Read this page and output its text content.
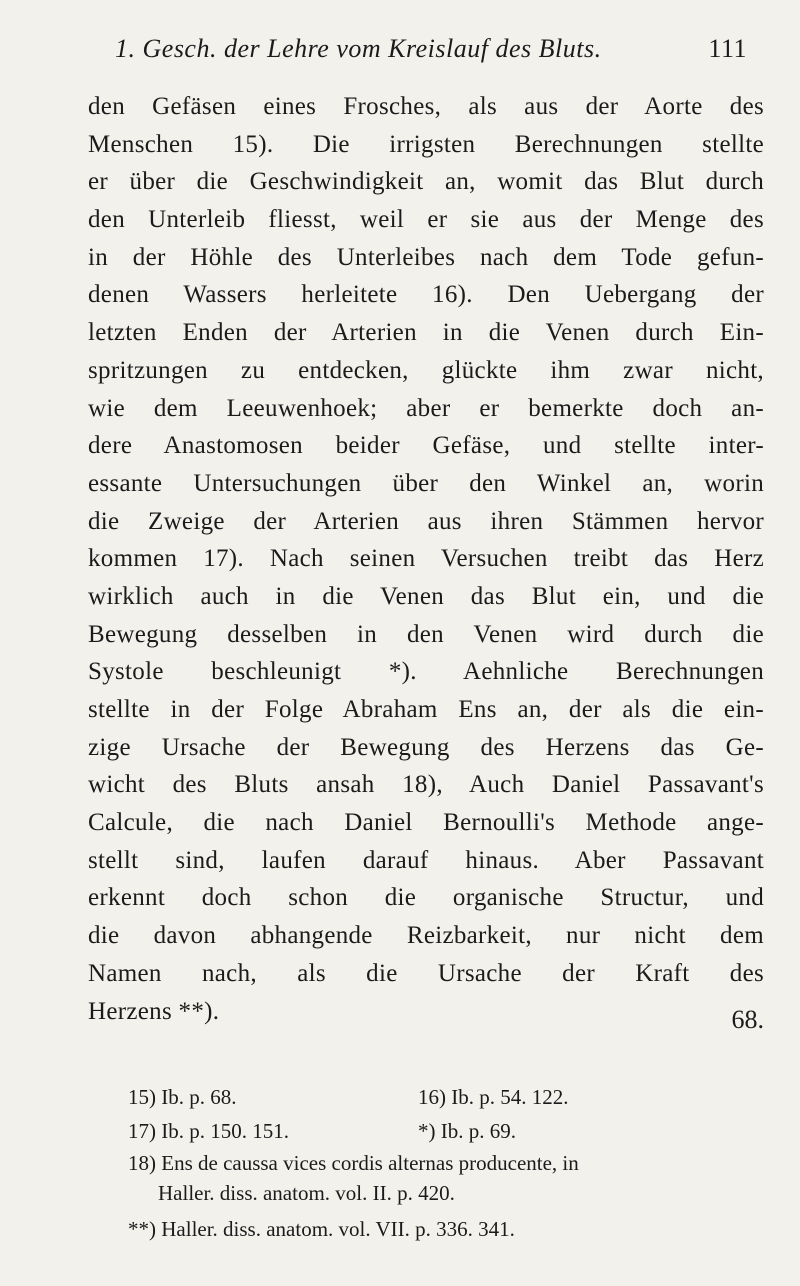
1. Gesch. der Lehre vom Kreislauf des Bluts.	111
den Gefäsen eines Frosches, als aus der Aorte des
Menschen 15). Die irrigsten Berechnungen stellte
er über die Geschwindigkeit an, womit das Blut durch
den Unterleib fliesst, weil er sie aus der Menge des
in der Höhle des Unterleibes nach dem Tode gefun-
denen Wassers herleitete 16). Den Uebergang der
letzten Enden der Arterien in die Venen durch Ein-
spritzungen zu entdecken, glückte ihm zwar nicht,
wie dem Leeuwenhoek; aber er bemerkte doch an-
dere Anastomosen beider Gefäse, und stellte inter-
essante Untersuchungen über den Winkel an, worin
die Zweige der Arterien aus ihren Stämmen hervor
kommen 17). Nach seinen Versuchen treibt das Herz
wirklich auch in die Venen das Blut ein, und die
Bewegung desselben in den Venen wird durch die
Systole beschleunigt *). Aehnliche Berechnungen
stellte in der Folge Abraham Ens an, der als die ein-
zige Ursache der Bewegung des Herzens das Ge-
wicht des Bluts ansah 18), Auch Daniel Passavant's
Calcule, die nach Daniel Bernoulli's Methode ange-
stellt sind, laufen darauf hinaus. Aber Passavant
erkennt doch schon die organische Structur, und
die davon abhangende Reizbarkeit, nur nicht dem
Namen nach, als die Ursache der Kraft des
Herzens **).	68.
15) Ib. p. 68.	16) Ib. p. 54. 122.
17) Ib. p. 150. 151.	*) Ib. p. 69.
18) Ens de caussa vices cordis alternas producente, in
Haller. diss. anatom. vol. II. p. 420.
**) Haller. diss. anatom. vol. VII. p. 336. 341.
